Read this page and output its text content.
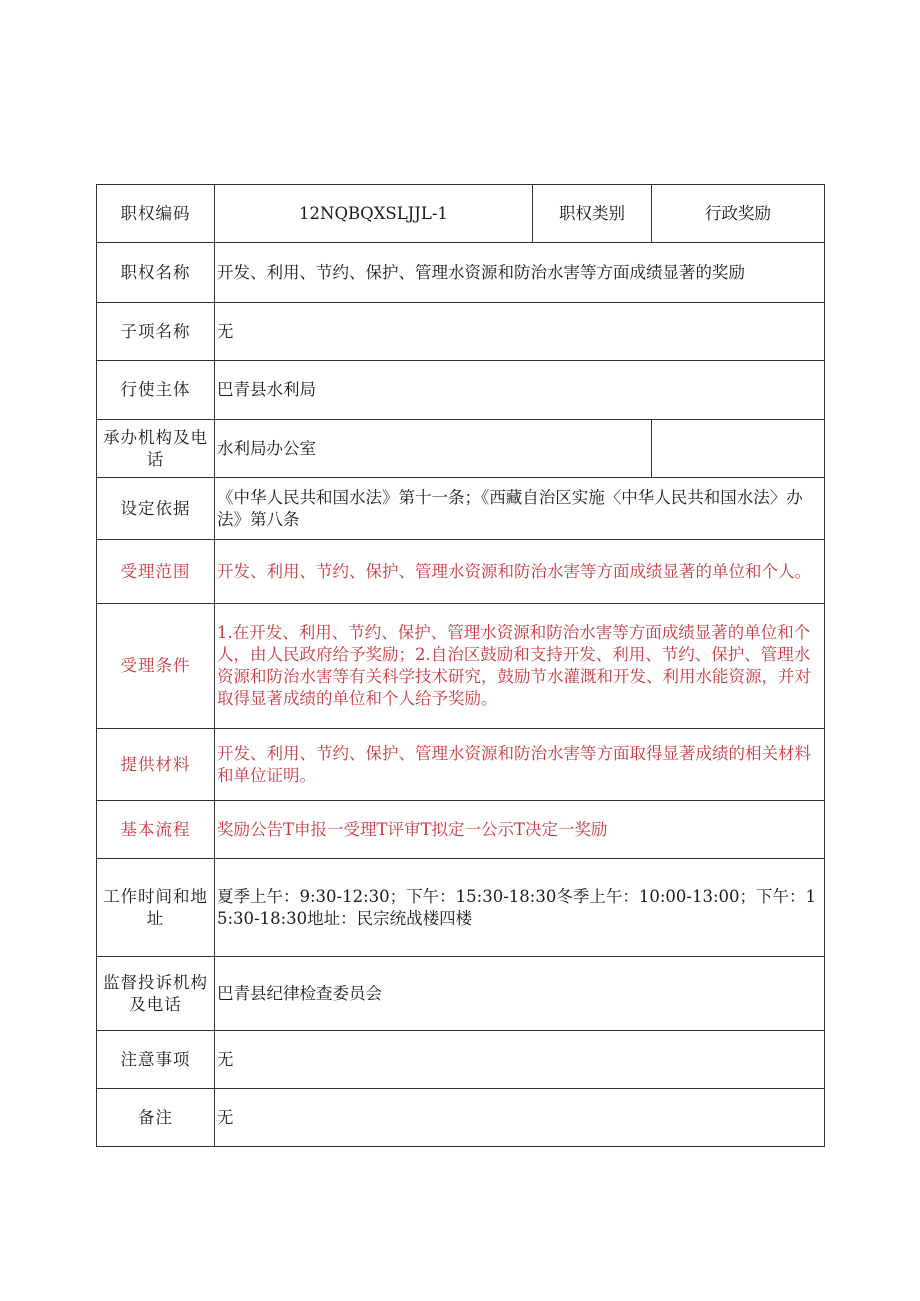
职权编码	12NQBQXSLJJL-1	职权类别	行政奖励
职权名称	开发、利用、节约、保护、管理水资源和防治水害等方面成绩显著的奖励		
子项名称	无		
行使主体	巴青县水利局		
承办机构及电话	水利局办公室		
设定依据	《中华人民共和国水法》第十一条；《西藏自治区实施〈中华人民共和国水法〉办法》第八条		
受理范围	开发、利用、节约、保护、管理水资源和防治水害等方面成绩显著的单位和个人。		
受理条件	1.在开发、利用、节约、保护、管理水资源和防治水害等方面成绩显著的单位和个人，由人民政府给予奖励；2.自治区鼓励和支持开发、利用、节约、保护、管理水资源和防治水害等有关科学技术研究，鼓励节水灌溉和开发、利用水能资源，并对取得显著成绩的单位和个人给予奖励。		
提供材料	开发、利用、节约、保护、管理水资源和防治水害等方面取得显著成绩的相关材料和单位证明。		
基本流程	奖励公告T申报一受理T评审T拟定一公示T决定一奖励		
工作时间和地址	夏季上午：9:30-12:30；下午：15:30-18:30冬季上午：10:00-13:00；下午：15:30-18:30地址：民宗统战楼四楼		
监督投诉机构及电话	巴青县纪律检查委员会		
注意事项	无		
备注	无		
